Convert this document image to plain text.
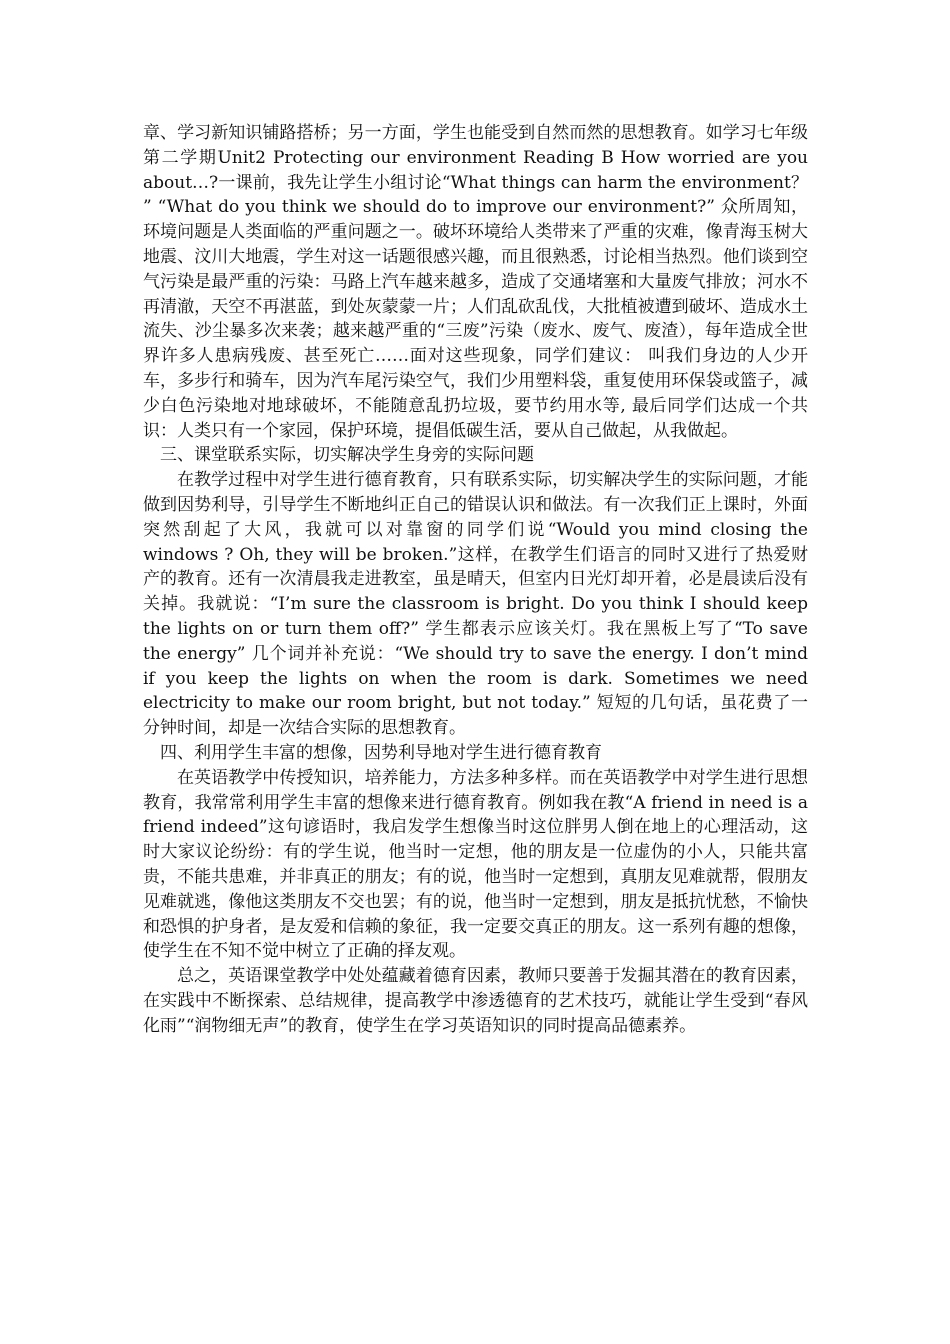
章、学习新知识铺路搭桥；另一方面，学生也能受到自然而然的思想教育。如学习七年级第二学期Unit2 Protecting our environment Reading B How worried are you about…?一课前，我先让学生小组讨论“What things can harm the environment？ ” “What do you think we should do to improve our environment?” 众所周知，环境问题是人类面临的严重问题之一。破坏环境给人类带来了严重的灾难，像青海玉树大地震、汶川大地震，学生对这一话题很感兴趣，而且很熟悉，讨论相当热烈。他们谈到空气污染是最严重的污染：马路上汽车越来越多，造成了交通堵塞和大量废气排放；河水不再清澈，天空不再湛蓝，到处灰蒙蒙一片；人们乱砍乱伐，大批植被遭到破坏、造成水土流失、沙尘暴多次来袭；越来越严重的“三废”污染（废水、废气、废渣），每年造成全世界许多人患病残废、甚至死亡……面对这些现象，同学们建议： 叫我们身边的人少开车，多步行和骑车，因为汽车尾污染空气，我们少用塑料袋，重复使用环保袋或篮子，减少白色污染地对地球破坏，不能随意乱扔垃圾，要节约用水等, 最后同学们达成一个共识：人类只有一个家园，保护环境，提倡低碳生活，要从自己做起，从我做起。

三、课堂联系实际，切实解决学生身旁的实际问题

在教学过程中对学生进行德育教育，只有联系实际，切实解决学生的实际问题，才能做到因势利导，引导学生不断地纠正自己的错误认识和做法。有一次我们正上课时，外面突然刮起了大风，我就可以对靠窗的同学们说“Would you mind closing the windows ? Oh, they will be broken.”这样，在教学生们语言的同时又进行了热爱财产的教育。还有一次清晨我走进教室，虽是晴天，但室内日光灯却开着，必是晨读后没有关掉。我就说：“I’m sure the classroom is bright. Do you think I should keep the lights on or turn them off?” 学生都表示应该关灯。我在黑板上写了“To save the energy” 几个词并补充说：“We should try to save the energy. I don’t mind if you keep the lights on when the room is dark. Sometimes we need electricity to make our room bright, but not today.” 短短的几句话，虽花费了一分钟时间，却是一次结合实际的思想教育。

四、利用学生丰富的想像，因势利导地对学生进行德育教育

在英语教学中传授知识，培养能力，方法多种多样。而在英语教学中对学生进行思想教育，我常常利用学生丰富的想像来进行德育教育。例如我在教“A friend in need is a friend indeed”这句谚语时，我启发学生想像当时这位胖男人倒在地上的心理活动，这时大家议论纷纷：有的学生说，他当时一定想，他的朋友是一位虚伪的小人，只能共富贵，不能共患难，并非真正的朋友；有的说，他当时一定想到，真朋友见难就帮，假朋友见难就逃，像他这类朋友不交也罢；有的说，他当时一定想到，朋友是抵抗忧愁，不愉快和恐惧的护身者，是友爱和信赖的象征，我一定要交真正的朋友。这一系列有趣的想像，使学生在不知不觉中树立了正确的择友观。

总之，英语课堂教学中处处蕴藏着德育因素，教师只要善于发掘其潜在的教育因素，在实践中不断探索、总结规律，提高教学中渗透德育的艺术技巧，就能让学生受到“春风化雨”“润物细无声”的教育，使学生在学习英语知识的同时提高品德素养。
